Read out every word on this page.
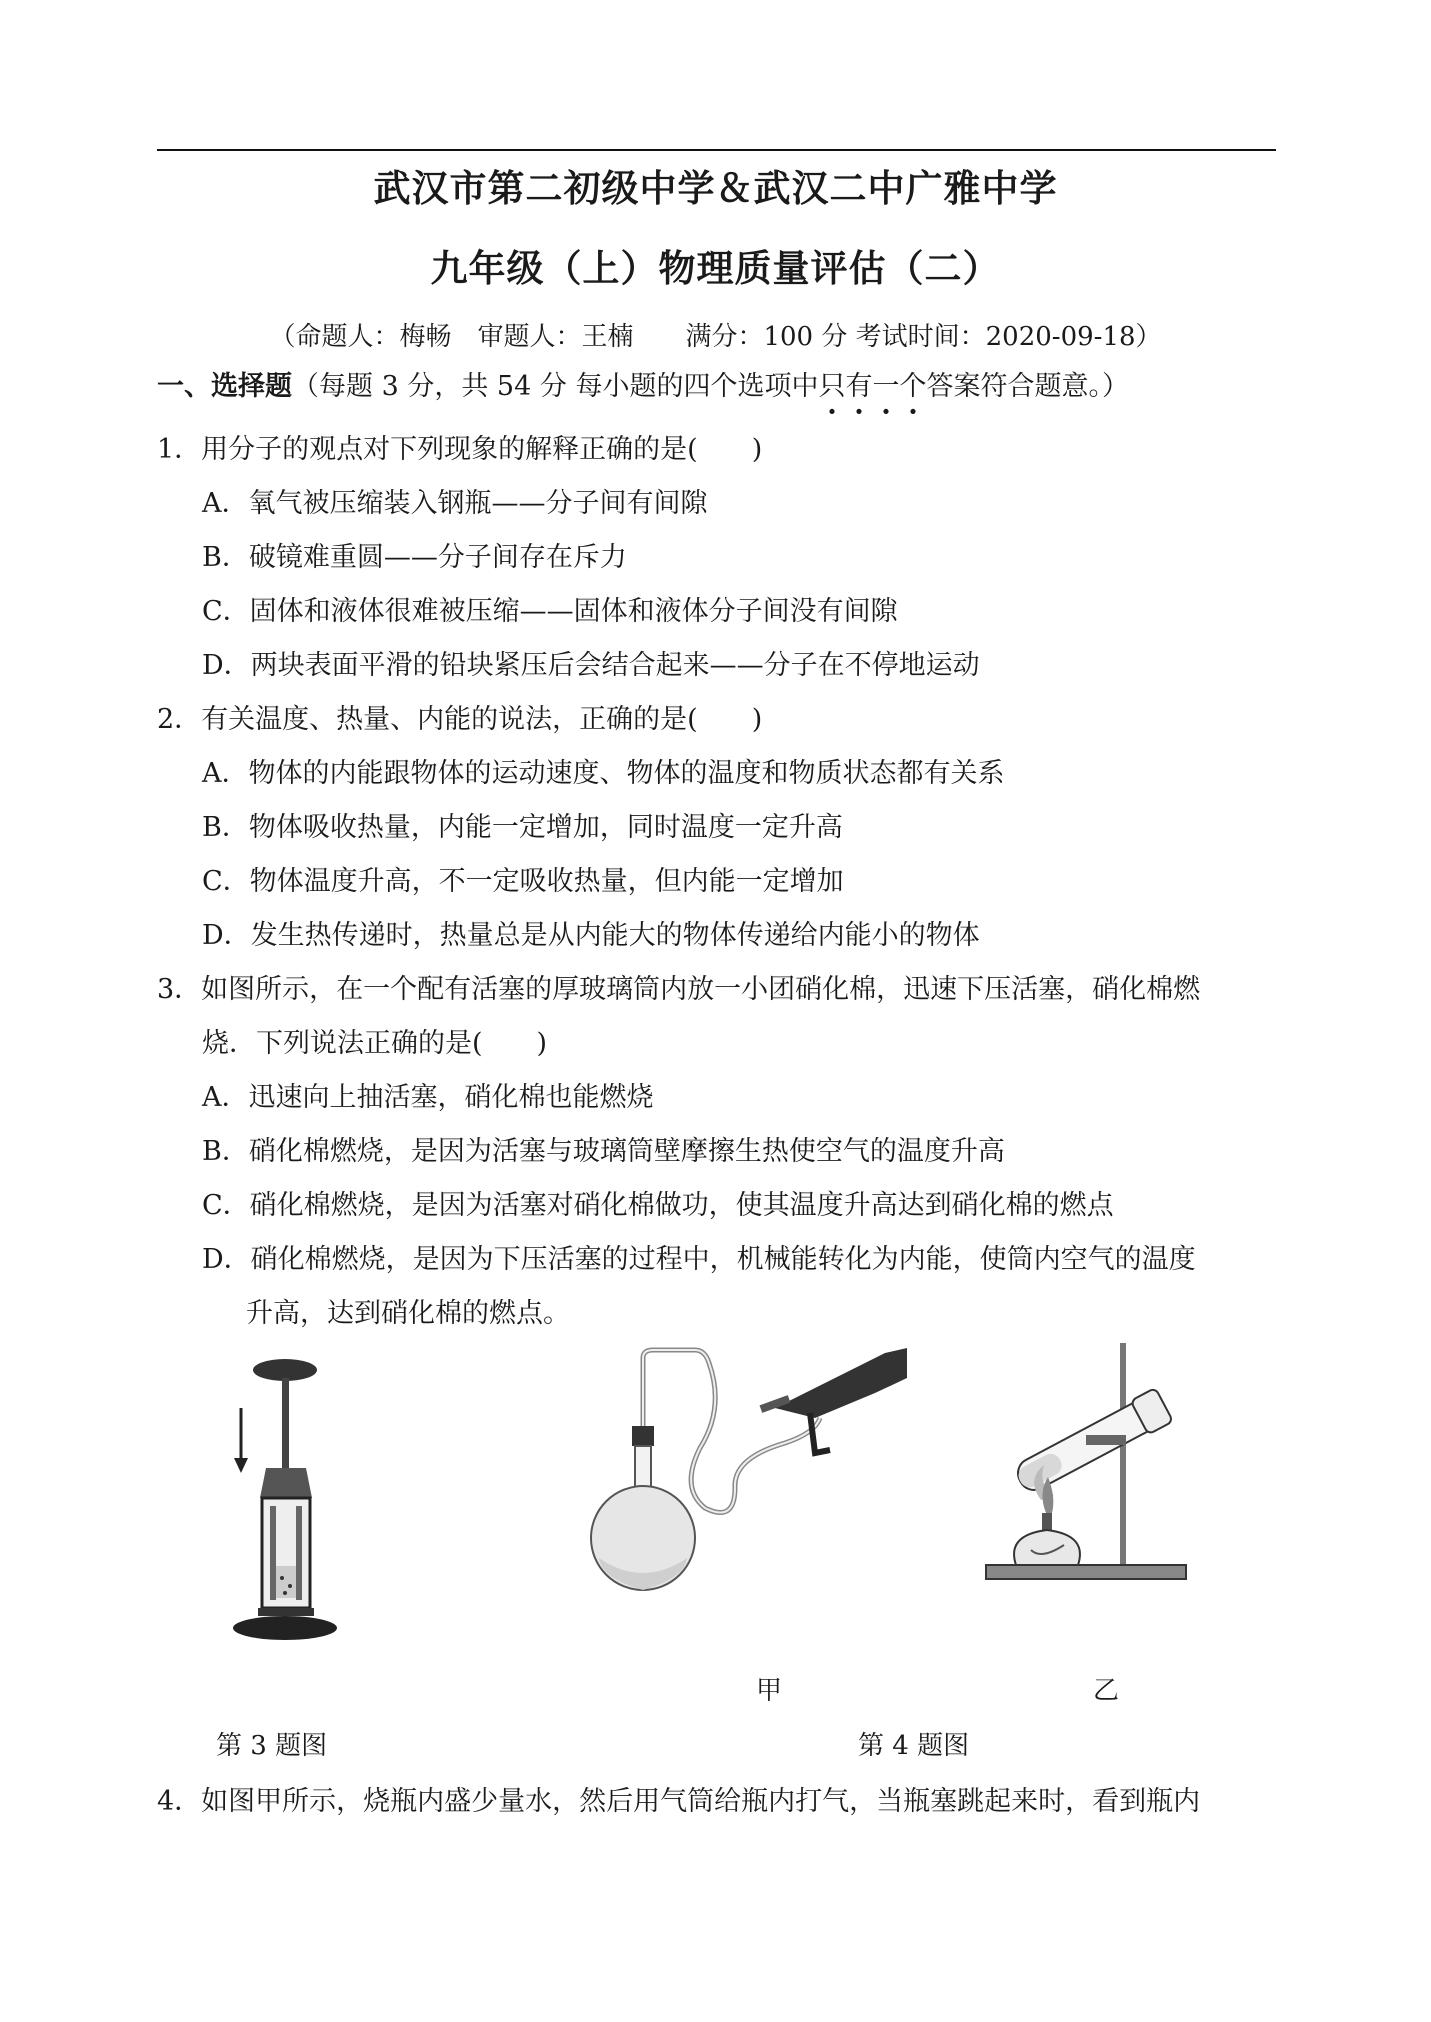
武汉市第二初级中学＆武汉二中广雅中学
九年级（上）物理质量评估（二）
（命题人：梅畅　审题人：王楠　　满分：100 分 考试时间：2020-09-18）
一、选择题（每题 3 分，共 54 分 每小题的四个选项中只有一个答案符合题意。）
1．用分子的观点对下列现象的解释正确的是(　　)
A．氧气被压缩装入钢瓶——分子间有间隙
B．破镜难重圆——分子间存在斥力
C．固体和液体很难被压缩——固体和液体分子间没有间隙
D．两块表面平滑的铅块紧压后会结合起来——分子在不停地运动
2．有关温度、热量、内能的说法，正确的是(　　)
A．物体的内能跟物体的运动速度、物体的温度和物质状态都有关系
B．物体吸收热量，内能一定增加，同时温度一定升高
C．物体温度升高，不一定吸收热量，但内能一定增加
D．发生热传递时，热量总是从内能大的物体传递给内能小的物体
3．如图所示，在一个配有活塞的厚玻璃筒内放一小团硝化棉，迅速下压活塞，硝化棉燃
烧．下列说法正确的是(　　)
A．迅速向上抽活塞，硝化棉也能燃烧
B．硝化棉燃烧，是因为活塞与玻璃筒壁摩擦生热使空气的温度升高
C．硝化棉燃烧，是因为活塞对硝化棉做功，使其温度升高达到硝化棉的燃点
D．硝化棉燃烧，是因为下压活塞的过程中，机械能转化为内能，使筒内空气的温度
升高，达到硝化棉的燃点。
甲	乙
第 3 题图	第 4 题图
4．如图甲所示，烧瓶内盛少量水，然后用气筒给瓶内打气，当瓶塞跳起来时，看到瓶内
